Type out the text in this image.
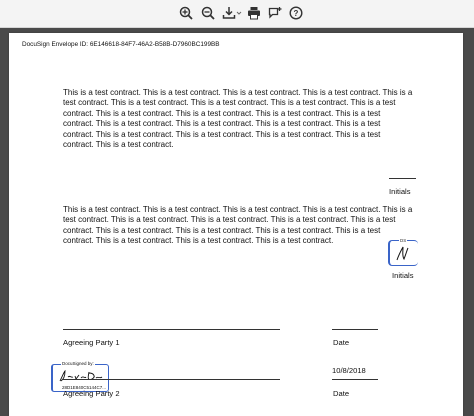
?
DocuSign Envelope ID: 6E146618-84F7-46A2-B58B-D7960BC199BB

This is a test contract. This is a test contract. This is a test contract. This is a test contract. This is a test contract. This is a test contract. This is a test contract. This is a test contract. This is a test contract. This is a test contract. This is a test contract. This is a test contract. This is a test contract. This is a test contract. This is a test contract. This is a test contract. This is a test contract. This is a test contract. This is a test contract. This is a test contract. This is a test contract. This is a test contract.

Initials

This is a test contract. This is a test contract. This is a test contract. This is a test contract. This is a test contract. This is a test contract. This is a test contract. This is a test contract. This is a test contract. This is a test contract. This is a test contract. This is a test contract. This is a test contract. This is a test contract. This is a test contract. This is a test contract.	DS
Initials
Agreeing Party 1	Date
DocuSigned by:
28D1E840C5144C7...
10/8/2018
Agreeing Party 2	Date
